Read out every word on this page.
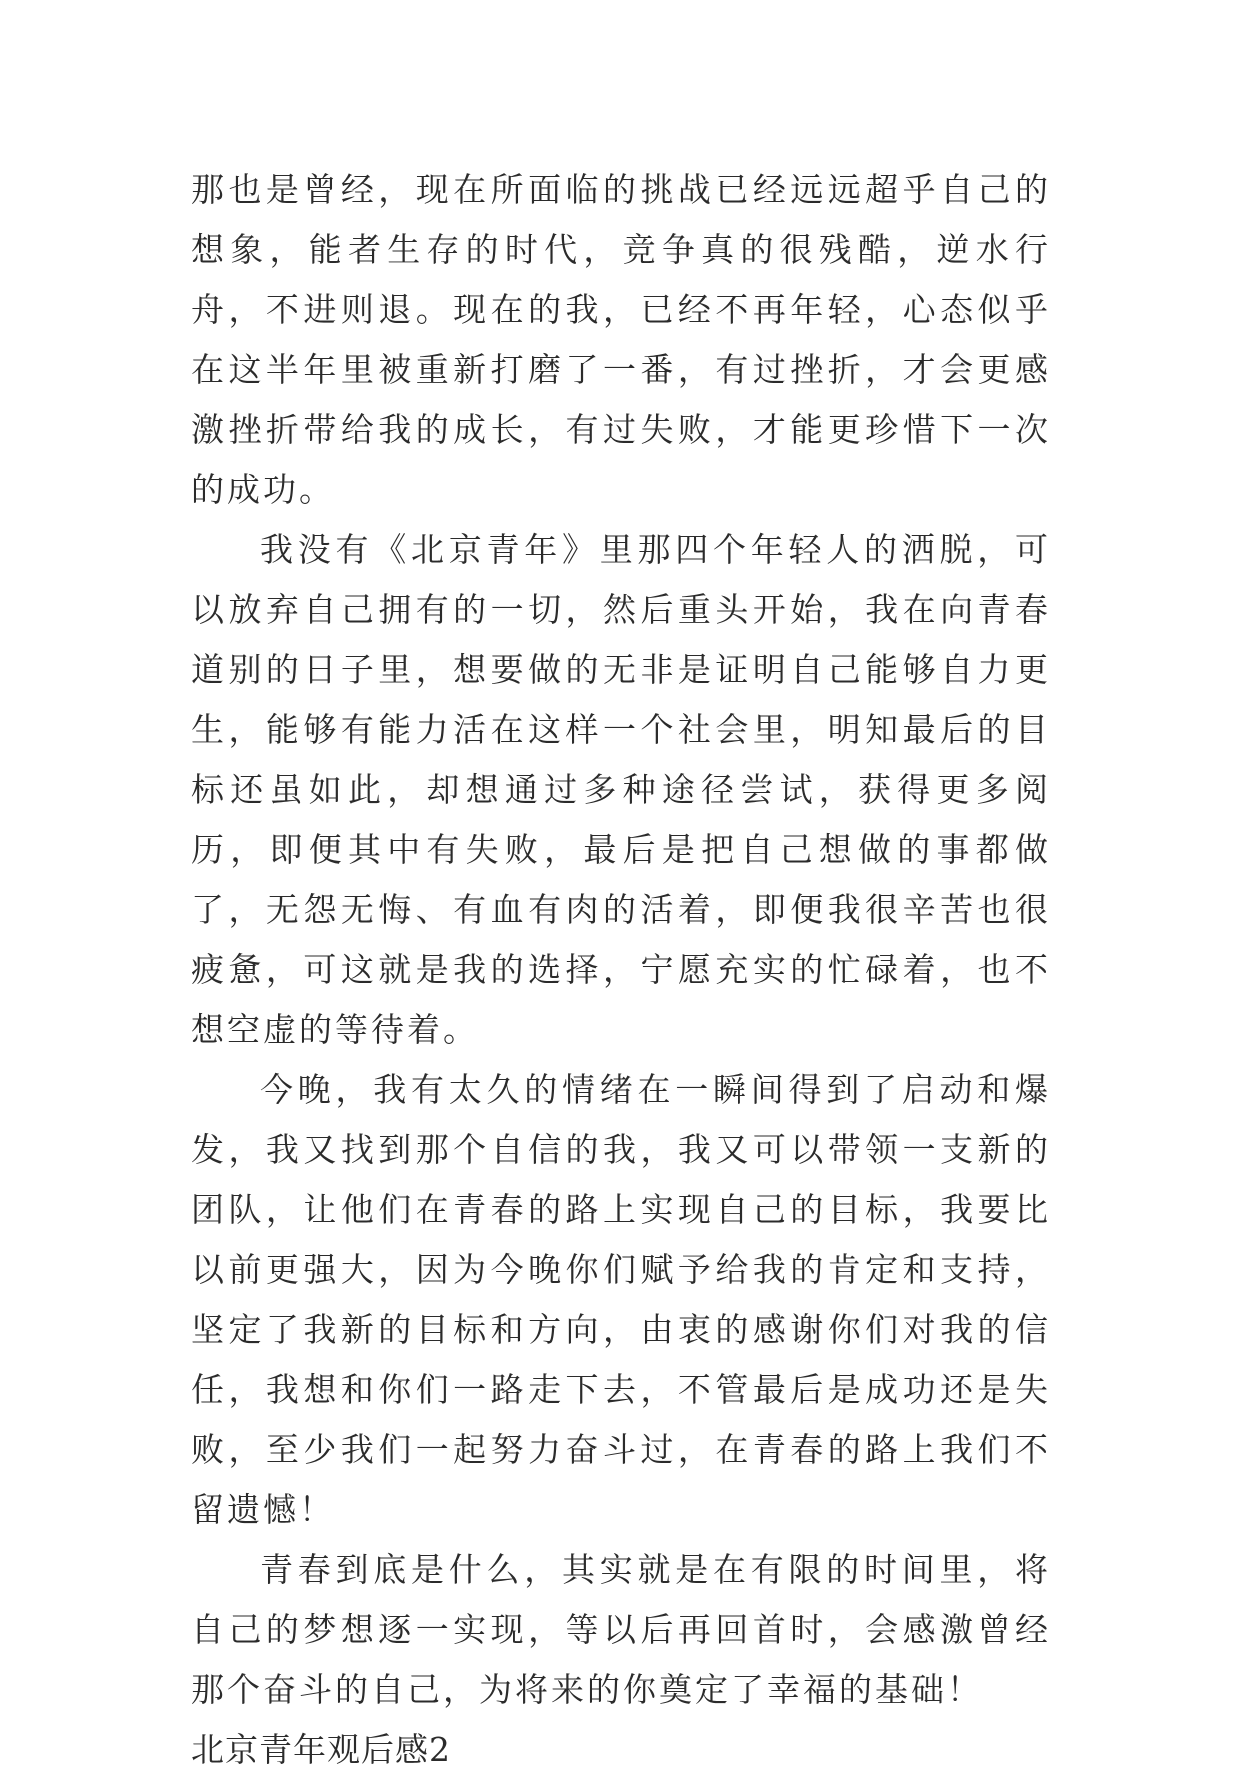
那也是曾经，现在所面临的挑战已经远远超乎自己的想象，能者生存的时代，竞争真的很残酷，逆水行舟，不进则退。现在的我，已经不再年轻，心态似乎在这半年里被重新打磨了一番，有过挫折，才会更感激挫折带给我的成长，有过失败，才能更珍惜下一次的成功。

我没有《北京青年》里那四个年轻人的洒脱，可以放弃自己拥有的一切，然后重头开始，我在向青春道别的日子里，想要做的无非是证明自己能够自力更生，能够有能力活在这样一个社会里，明知最后的目标还虽如此，却想通过多种途径尝试，获得更多阅历，即便其中有失败，最后是把自己想做的事都做了，无怨无悔、有血有肉的活着，即便我很辛苦也很疲惫，可这就是我的选择，宁愿充实的忙碌着，也不想空虚的等待着。

今晚，我有太久的情绪在一瞬间得到了启动和爆发，我又找到那个自信的我，我又可以带领一支新的团队，让他们在青春的路上实现自己的目标，我要比以前更强大，因为今晚你们赋予给我的肯定和支持，坚定了我新的目标和方向，由衷的感谢你们对我的信任，我想和你们一路走下去，不管最后是成功还是失败，至少我们一起努力奋斗过，在青春的路上我们不留遗憾！

青春到底是什么，其实就是在有限的时间里，将自己的梦想逐一实现，等以后再回首时，会感激曾经那个奋斗的自己，为将来的你奠定了幸福的基础！

北京青年观后感2
